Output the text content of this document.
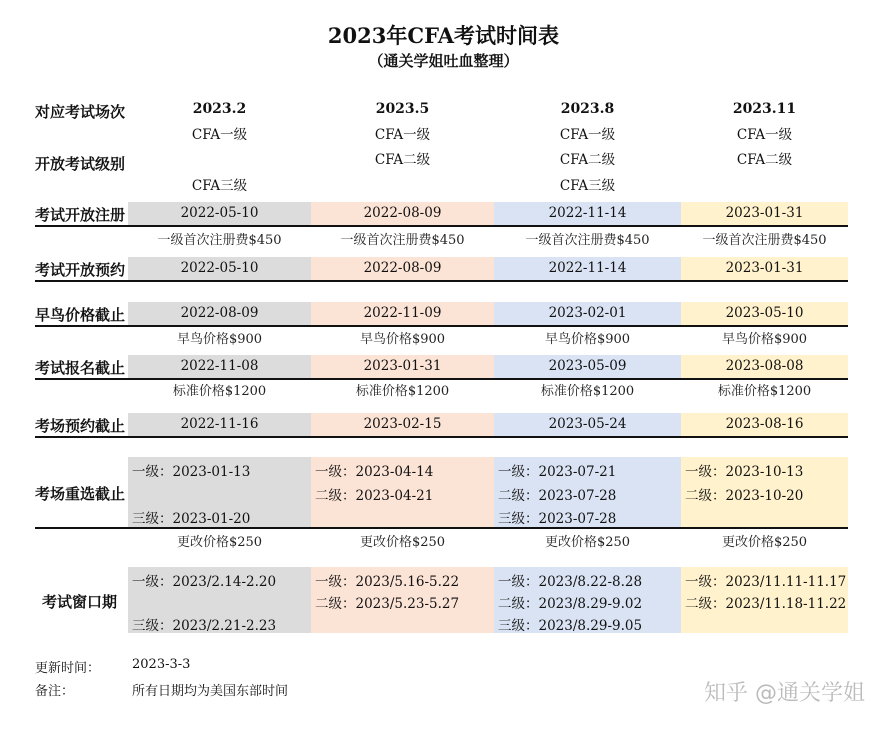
2023年CFA考试时间表
（通关学姐吐血整理）
对应考试场次
开放考试级别
考试开放注册
考试开放预约
早鸟价格截止
考试报名截止
考场预约截止
考场重选截止
考试窗口期
2023.2
CFA一级
CFA三级
2022-05-10
一级首次注册费$450
2022-05-10
2022-08-09
早鸟价格$900
2022-11-08
标准价格$1200
2022-11-16
一级：2023-01-13
三级：2023-01-20
更改价格$250
一级：2023/2.14-2.20
三级：2023/2.21-2.23
2023.5
CFA一级
CFA二级
2022-08-09
一级首次注册费$450
2022-08-09
2022-11-09
早鸟价格$900
2023-01-31
标准价格$1200
2023-02-15
一级：2023-04-14
二级：2023-04-21
更改价格$250
一级：2023/5.16-5.22
二级：2023/5.23-5.27
2023.8
CFA一级
CFA二级
CFA三级
2022-11-14
一级首次注册费$450
2022-11-14
2023-02-01
早鸟价格$900
2023-05-09
标准价格$1200
2023-05-24
一级：2023-07-21
二级：2023-07-28
三级：2023-07-28
更改价格$250
一级：2023/8.22-8.28
二级：2023/8.29-9.02
三级：2023/8.29-9.05
2023.11
CFA一级
CFA二级
2023-01-31
一级首次注册费$450
2023-01-31
2023-05-10
早鸟价格$900
2023-08-08
标准价格$1200
2023-08-16
一级：2023-10-13
二级：2023-10-20
更改价格$250
一级：2023/11.11-11.17
二级：2023/11.18-11.22
更新时间： 2023-3-3
备注：	所有日期均为美国东部时间	知乎 @通关学姐
